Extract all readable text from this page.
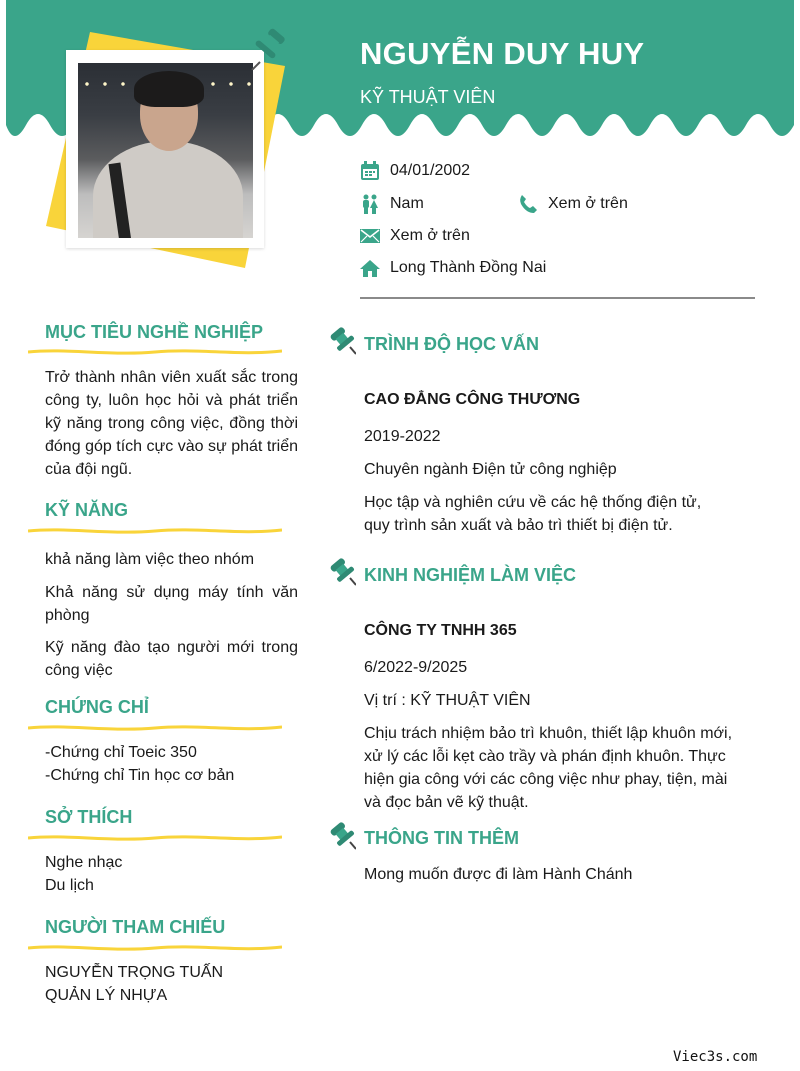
NGUYỄN DUY HUY
KỸ THUẬT VIÊN
04/01/2002
Nam	Xem ở trên
Xem ở trên
Long Thành Đồng Nai
MỤC TIÊU NGHỀ NGHIỆP
Trở thành nhân viên xuất sắc trong công ty, luôn học hỏi và phát triển kỹ năng trong công việc, đồng thời đóng góp tích cực vào sự phát triển của đội ngũ.
KỸ NĂNG
khả năng làm việc theo nhóm
Khả năng sử dụng máy tính văn phòng
Kỹ năng đào tạo người mới trong công việc
CHỨNG CHỈ
-Chứng chỉ Toeic 350
-Chứng chỉ Tin học cơ bản
SỞ THÍCH
Nghe nhạc
Du lịch
NGƯỜI THAM CHIẾU
NGUYỄN TRỌNG TUẤN
QUẢN LÝ NHỰA
TRÌNH ĐỘ HỌC VẤN
CAO ĐẲNG CÔNG THƯƠNG
2019-2022
Chuyên ngành Điện tử công nghiệp
Học tập và nghiên cứu về các hệ thống điện tử, quy trình sản xuất và bảo trì thiết bị điện tử.
KINH NGHIỆM LÀM VIỆC
CÔNG TY TNHH 365
6/2022-9/2025
Vị trí : KỸ THUẬT VIÊN
Chịu trách nhiệm bảo trì khuôn, thiết lập khuôn mới, xử lý các lỗi kẹt cào trầy và phán định khuôn. Thực hiện gia công với các công việc như phay, tiện, mài và đọc bản vẽ kỹ thuật.
THÔNG TIN THÊM
Mong muốn được đi làm Hành Chánh
Viec3s.com
